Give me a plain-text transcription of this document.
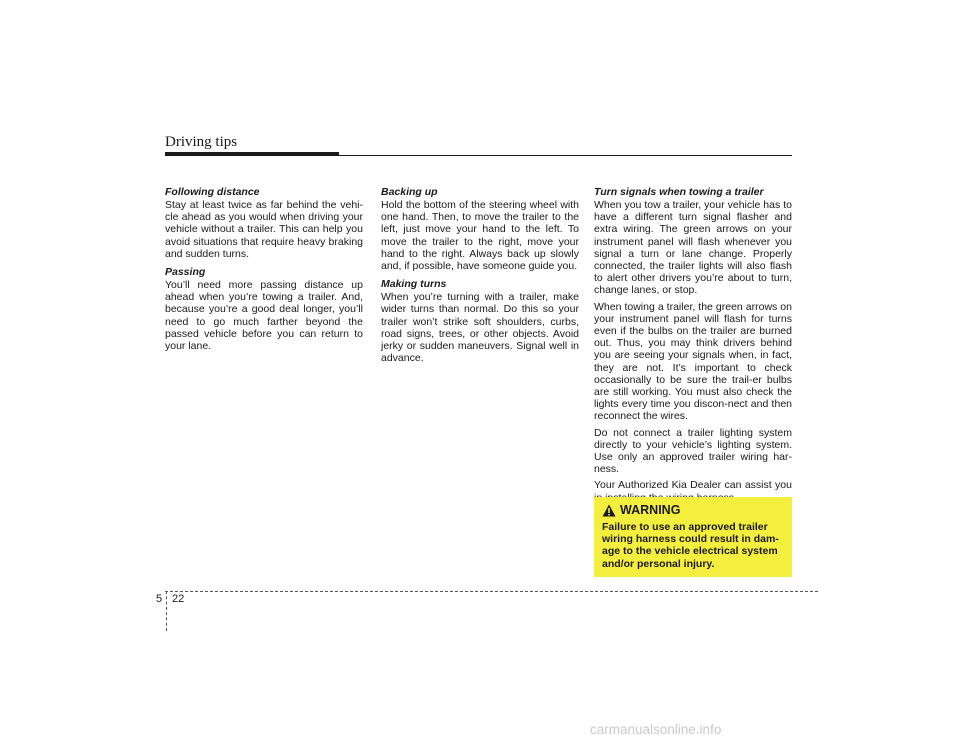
Driving tips
Following distance

Stay at least twice as far behind the vehi-cle ahead as you would when driving your vehicle without a trailer. This can help you avoid situations that require heavy braking and sudden turns.

Passing

You’ll need more passing distance up ahead when you’re towing a trailer. And, because you’re a good deal longer, you’ll need to go much farther beyond the passed vehicle before you can return to your lane.

Backing up

Hold the bottom of the steering wheel with one hand. Then, to move the trailer to the left, just move your hand to the left. To move the trailer to the right, move your hand to the right. Always back up slowly and, if possible, have someone guide you.

Making turns

When you’re turning with a trailer, make wider turns than normal. Do this so your trailer won’t strike soft shoulders, curbs, road signs, trees, or other objects. Avoid jerky or sudden maneuvers. Signal well in advance.

Turn signals when towing a trailer

When you tow a trailer, your vehicle has to have a different turn signal flasher and extra wiring. The green arrows on your instrument panel will flash whenever you signal a turn or lane change. Properly connected, the trailer lights will also flash to alert other drivers you’re about to turn, change lanes, or stop.

When towing a trailer, the green arrows on your instrument panel will flash for turns even if the bulbs on the trailer are burned out. Thus, you may think drivers behind you are seeing your signals when, in fact, they are not. It’s important to check occasionally to be sure the trail-er bulbs are still working. You must also check the lights every time you discon-nect and then reconnect the wires.

Do not connect a trailer lighting system directly to your vehicle’s lighting system. Use only an approved trailer wiring har-ness.

Your Authorized Kia Dealer can assist you

WARNING
Failure to use an approved trailer wiring harness could result in dam-age to the vehicle electrical system and/or personal injury.
5 22
carmanualsonline.info
